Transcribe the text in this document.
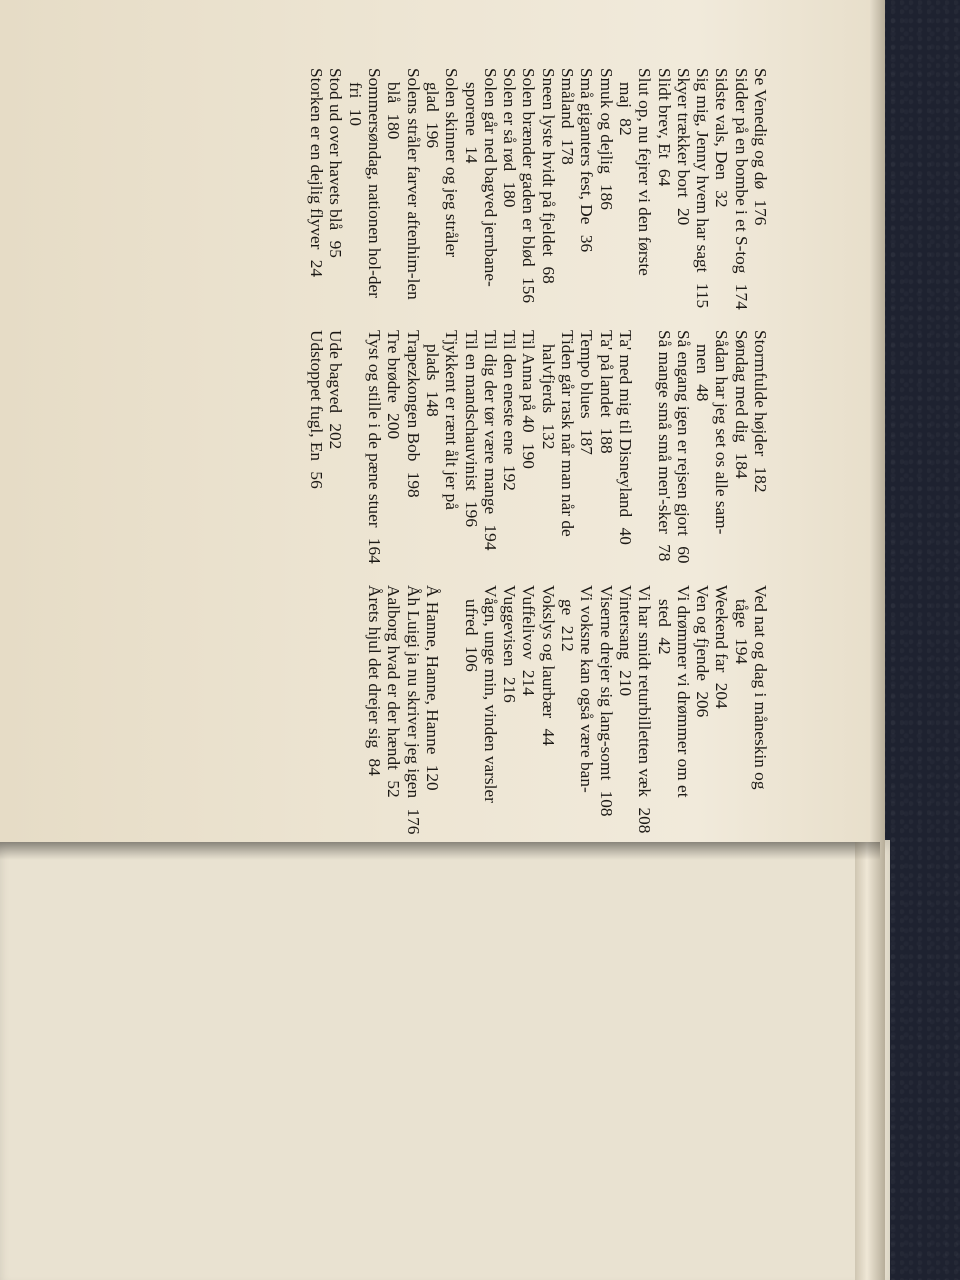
Se Venedig og dø176
Sidder på en bombe i et S-tog174
Sidste vals, Den32
Sig mig, Jenny hvem har sagt115
Skyer trækker bort20
Slidt brev, Et64
Slut op, nu fejrer vi den første maj82
Smuk og dejlig186
Små giganters fest, De36
Småland178
Sneen lyste hvidt på fjeldet68
Solen brænder gaden er blød156
Solen er så rød180
Solen går ned bagved jernbane-sporene14
Solen skinner og jeg stråler glad196
Solens stråler farver aftenhim-len blå180
Sommersøndag, nationen hol-der fri10
Stod ud over havets blå95
Storken er en dejlig flyver24
Stormfulde højder182
Søndag med dig184
Sådan har jeg set os alle sam-men48
Så engang igen er rejsen gjort60
Så mange små små men'-sker78
Ta' med mig til Disneyland40
Ta' på landet188
Tempo blues187
Tiden går rask når man når de halvfjerds132
Til Anna på 40190
Til den eneste ene192
Til dig der tør være mange194
Til en mandschauvinist196
Tjykkent er rænt ålt jer på plads148
Trapezkongen Bob198
Tre brødre200
Tyst og stille i de pæne stuer164
Ude bagved202
Udstoppet fugl, En56
Ved nat og dag i måneskin og tåge194
Weekend far204
Ven og fjende206
Vi drømmer vi drømmer om et sted42
Vi har smidt returbilletten væk208
Vintersang210
Viserne drejer sig lang-somt108
Vi voksne kan også være ban-ge212
Vokslys og laurbær44
Vuffelivov214
Vuggevisen216
Vågn, unge min, vinden varsler ufred106
Å Hanne, Hanne, Hanne120
Åh Luigi ja nu skriver jeg igen176
Aalborg hvad er der hændt52
Årets hjul det drejer sig84
